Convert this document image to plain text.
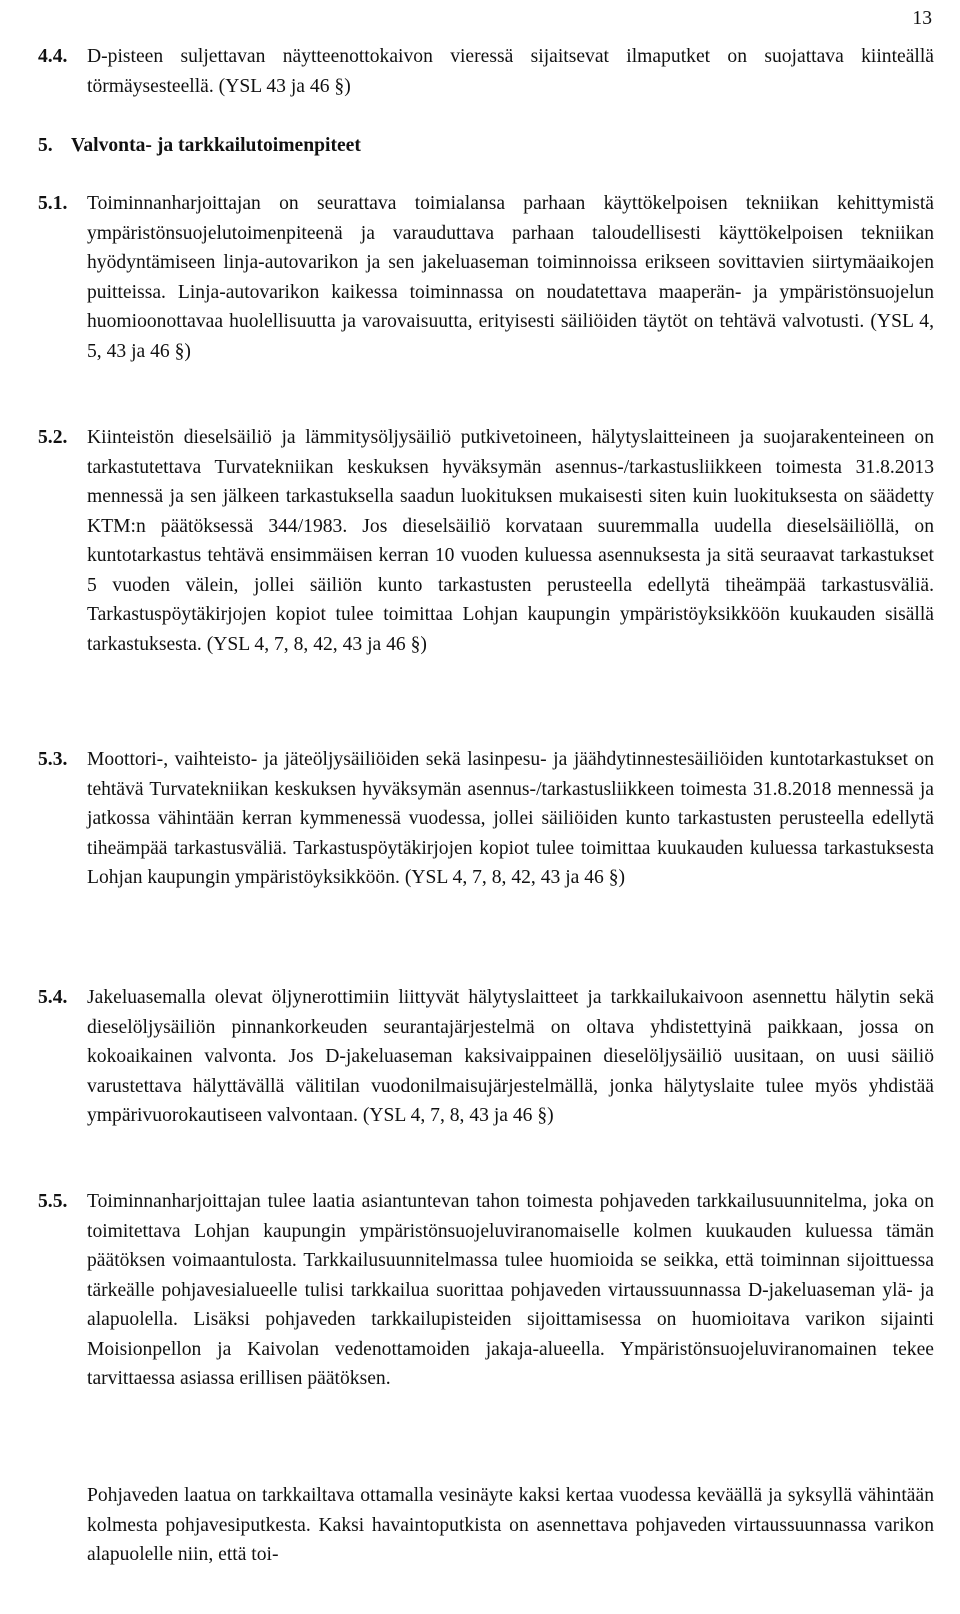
13
4.4. D-pisteen suljettavan näytteenottokaivon vieressä sijaitsevat ilmaputket on suojattava kiinteällä törmäysesteellä. (YSL 43 ja 46 §)
5. Valvonta- ja tarkkailutoimenpiteet
5.1. Toiminnanharjoittajan on seurattava toimialansa parhaan käyttökelpoisen tekniikan kehittymistä ympäristönsuojelutoimenpiteenä ja varauduttava parhaan taloudellisesti käyttökelpoisen tekniikan hyödyntämiseen linja-autovarikon ja sen jakeluaseman toiminnoissa erikseen sovittavien siirtymäaikojen puitteissa. Linja-autovarikon kaikessa toiminnassa on noudatettava maaperän- ja ympäristönsuojelun huomioonottavaa huolellisuutta ja varovaisuutta, erityisesti säiliöiden täytöt on tehtävä valvotusti. (YSL 4, 5, 43 ja 46 §)
5.2. Kiinteistön dieselsäiliö ja lämmitysöljysäiliö putkivetoineen, hälytyslaitteineen ja suojarakenteineen on tarkastutettava Turvatekniikan keskuksen hyväksymän asennus-/tarkastusliikkeen toimesta 31.8.2013 mennessä ja sen jälkeen tarkastuksella saadun luokituksen mukaisesti siten kuin luokituksesta on säädetty KTM:n päätöksessä 344/1983. Jos dieselsäiliö korvataan suuremmalla uudella dieselsäiliöllä, on kuntotarkastus tehtävä ensimmäisen kerran 10 vuoden kuluessa asennuksesta ja sitä seuraavat tarkastukset 5 vuoden välein, jollei säiliön kunto tarkastusten perusteella edellytä tiheämpää tarkastusväliä. Tarkastuspöytäkirjojen kopiot tulee toimittaa Lohjan kaupungin ympäristöyksikköön kuukauden sisällä tarkastuksesta. (YSL 4, 7, 8, 42, 43 ja 46 §)
5.3. Moottori-, vaihteisto- ja jäteöljysäiliöiden sekä lasinpesu- ja jäähdytinnestesäiliöiden kuntotarkastukset on tehtävä Turvatekniikan keskuksen hyväksymän asennus-/tarkastusliikkeen toimesta 31.8.2018 mennessä ja jatkossa vähintään kerran kymmenessä vuodessa, jollei säiliöiden kunto tarkastusten perusteella edellytä tiheämpää tarkastusväliä. Tarkastuspöytäkirjojen kopiot tulee toimittaa kuukauden kuluessa tarkastuksesta Lohjan kaupungin ympäristöyksikköön. (YSL 4, 7, 8, 42, 43 ja 46 §)
5.4. Jakeluasemalla olevat öljynerottimiin liittyvät hälytyslaitteet ja tarkkailukaivoon asennettu hälytin sekä dieselöljysäiliön pinnankorkeuden seurantajärjestelmä on oltava yhdistettyinä paikkaan, jossa on kokoaikainen valvonta. Jos D-jakeluaseman kaksivaippainen dieselöljysäiliö uusitaan, on uusi säiliö varustettava hälyttävällä välitilan vuodonilmaisujärjestelmällä, jonka hälytyslaite tulee myös yhdistää ympärivuorokautiseen valvontaan. (YSL 4, 7, 8, 43 ja 46 §)
5.5. Toiminnanharjoittajan tulee laatia asiantuntevan tahon toimesta pohjaveden tarkkailusuunnitelma, joka on toimitettava Lohjan kaupungin ympäristönsuojeluviranomaiselle kolmen kuukauden kuluessa tämän päätöksen voimaantulosta. Tarkkailusuunnitelmassa tulee huomioida se seikka, että toiminnan sijoittuessa tärkeälle pohjavesialueelle tulisi tarkkailua suorittaa pohjaveden virtaussuunnassa D-jakeluaseman ylä- ja alapuolella. Lisäksi pohjaveden tarkkailupisteiden sijoittamisessa on huomioitava varikon sijainti Moisionpellon ja Kaivolan vedenottamoiden jakaja-alueella. Ympäristönsuojeluviranomainen tekee tarvittaessa asiassa erillisen päätöksen.
Pohjaveden laatua on tarkkailtava ottamalla vesinäyte kaksi kertaa vuodessa keväällä ja syksyllä vähintään kolmesta pohjavesiputkesta. Kaksi havaintoputkista on asennettava pohjaveden virtaussuunnassa varikon alapuolelle niin, että toi-
